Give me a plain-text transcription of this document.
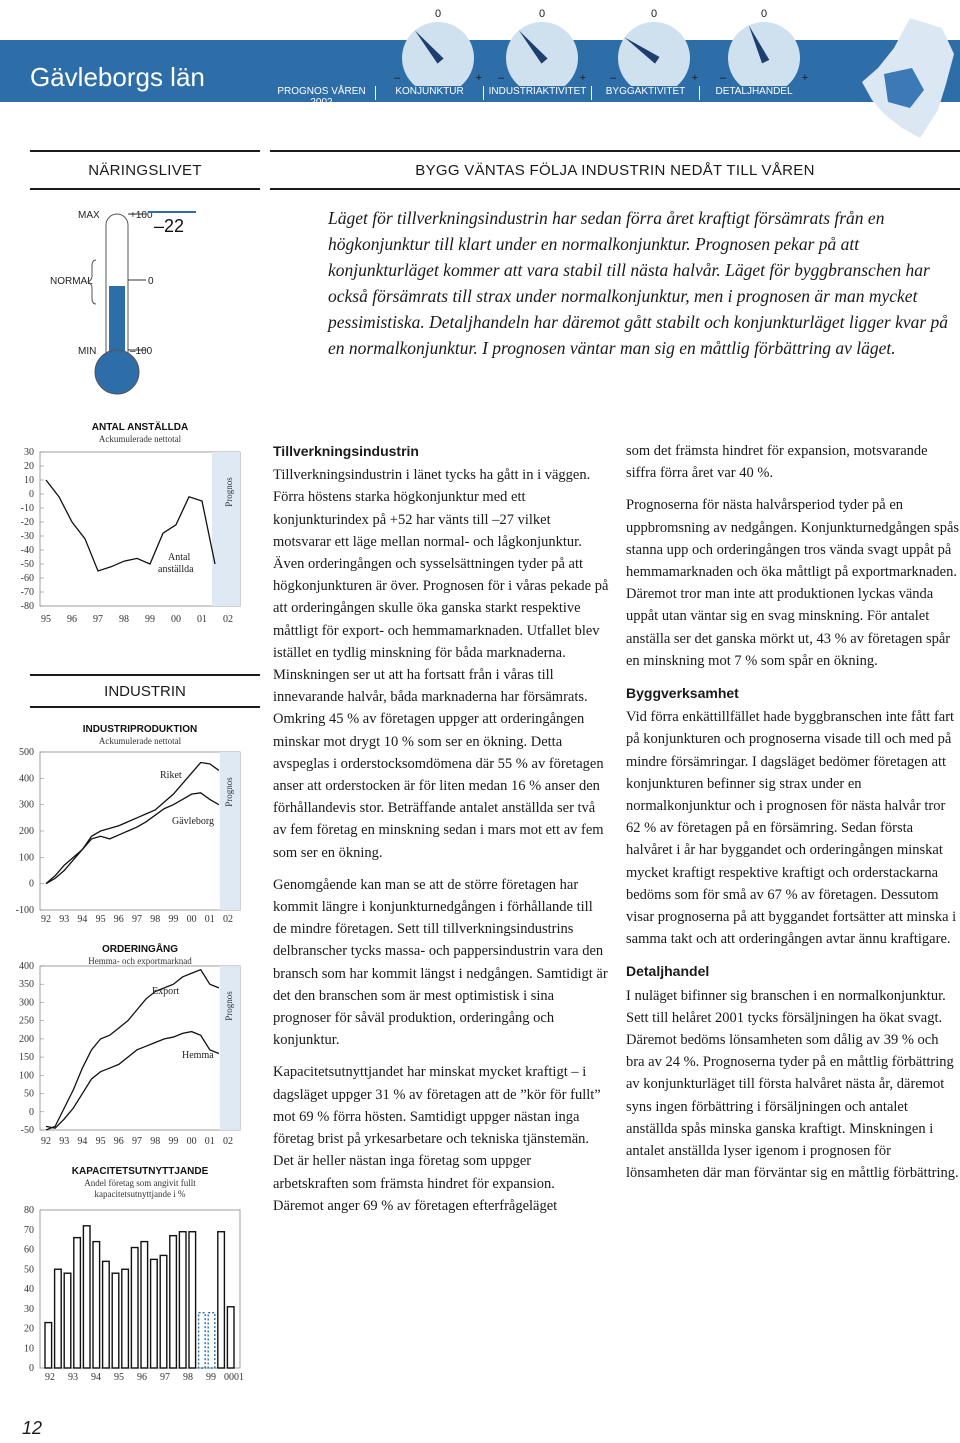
Gävleborgs län
0
–	+
0
–	+
0
–	+
0
–	+
PROGNOS VÅREN 2002
KONJUNKTUR	INDUSTRIAKTIVITET	BYGGAKTIVITET	DETALJHANDEL
NÄRINGSLIVET
INDUSTRIN
MAX	+100
NORMAL	0
MIN	–100
–22
BYGG VÄNTAS FÖLJA INDUSTRIN NEDÅT TILL VÅREN
Läget för tillverkningsindustrin har sedan förra året kraftigt försämrats från en högkonjunktur till klart under en normalkonjunktur. Prognosen pekar på att konjunkturläget kommer att vara stabil till nästa halvår. Läget för byggbranschen har också försämrats till strax under normalkonjunktur, men i prognosen är man mycket pessimistiska. Detaljhandeln har däremot gått stabilt och konjunkturläget ligger kvar på en normalkonjunktur. I prognosen väntar man sig en måttlig förbättring av läget.
Tillverkningsindustrin

Tillverkningsindustrin i länet tycks ha gått in i väggen. Förra höstens starka högkonjunktur med ett konjunkturindex på +52 har vänts till –27 vilket motsvarar ett läge mellan normal- och lågkonjunktur. Även orderingången och sysselsättningen tyder på att högkonjunkturen är över. Prognosen för i våras pekade på att orderingången skulle öka ganska starkt respektive måttligt för export- och hemmamarknaden. Utfallet blev istället en tydlig minskning för båda marknaderna. Minskningen ser ut att ha fortsatt från i våras till innevarande halvår, båda marknaderna har försämrats. Omkring 45 % av företagen uppger att orderingången minskar mot drygt 10 % som ser en ökning. Detta avspeglas i orderstocksomdömena där 55 % av företagen anser att orderstocken är för liten medan 16 % anser den förhållandevis stor. Beträffande antalet anställda ser två av fem företag en minskning sedan i mars mot ett av fem som ser en ökning.

Genomgående kan man se att de större företagen har kommit längre i konjunkturnedgången i förhållande till de mindre företagen. Sett till tillverkningsindustrins delbranscher tycks massa- och pappersindustrin vara den bransch som har kommit längst i nedgången. Samtidigt är det den branschen som är mest optimistisk i sina prognoser för såväl produktion, orderingång och konjunktur.

Kapacitetsutnyttjandet har minskat mycket kraftigt – i dagsläget uppger 31 % av företagen att de ”kör för fullt” mot 69 % förra hösten. Samtidigt uppger nästan inga företag brist på yrkesarbetare och tekniska tjänstemän. Det är heller nästan inga företag som uppger arbetskraften som främsta hindret för expansion. Däremot anger 69 % av företagen efterfrågeläget

som det främsta hindret för expansion, motsvarande siffra förra året var 40 %.

Prognoserna för nästa halvårsperiod tyder på en uppbromsning av nedgången. Konjunkturnedgången spås stanna upp och orderingången tros vända svagt uppåt på hemmamarknaden och öka måttligt på exportmarknaden. Däremot tror man inte att produktionen lyckas vända uppåt utan väntar sig en svag minskning. För antalet anställa ser det ganska mörkt ut, 43 % av företagen spår en minskning mot 7 % som spår en ökning.

Byggverksamhet

Vid förra enkättillfället hade byggbranschen inte fått fart på konjunkturen och prognoserna visade till och med på mindre försämringar. I dagsläget bedömer företagen att konjunkturen befinner sig strax under en normalkonjunktur och i prognosen för nästa halvår tror 62 % av företagen på en försämring. Sedan första halvåret i år har byggandet och orderingången minskat mycket kraftigt respektive kraftigt och orderstackarna bedöms som för små av 67 % av företagen. Dessutom visar prognoserna på att byggandet fortsätter att minska i samma takt och att orderingången avtar ännu kraftigare.

Detaljhandel

I nuläget bifinner sig branschen i en normalkonjunktur. Sett till helåret 2001 tycks försäljningen ha ökat svagt. Däremot bedöms lönsamheten som dålig av 39 % och bra av 24 %. Prognoserna tyder på en måttlig förbättring av konjunkturläget till första halvåret nästa år, däremot syns ingen förbättring i försäljningen och antalet anställda spås minska ganska kraftigt. Minskningen i antalet anställda lyser igenom i prognosen för lönsamheten där man förväntar sig en måttlig förbättring.

12
ANTAL ANSTÄLLDA
Ackumulerade nettotal
Prognos
30
20
10
0
-10
-20
-30
-40
-50
-60
-70
-80
95 96 97 98 99 00 01 02
Antal
anställda
INDUSTRIPRODUKTION
Ackumulerade nettotal
Prognos
500
400
300
200
100
0
-100
92 93 94 95 96 97 98 99 00 01 02
Riket
Gävleborg
ORDERINGÅNG
Hemma- och exportmarknad
Prognos
400
350
300
250
200
150
100
50
0
-50
92 93 94 95 96 97 98 99 00 01 02
Export
Hemma
KAPACITETSUTNYTTJANDE
Andel företag som angivit fullt
kapacitetsutnyttjande i %
80
70
60
50
40
30
20
10
0
92 93 94 95 96 97 98 99 0001
